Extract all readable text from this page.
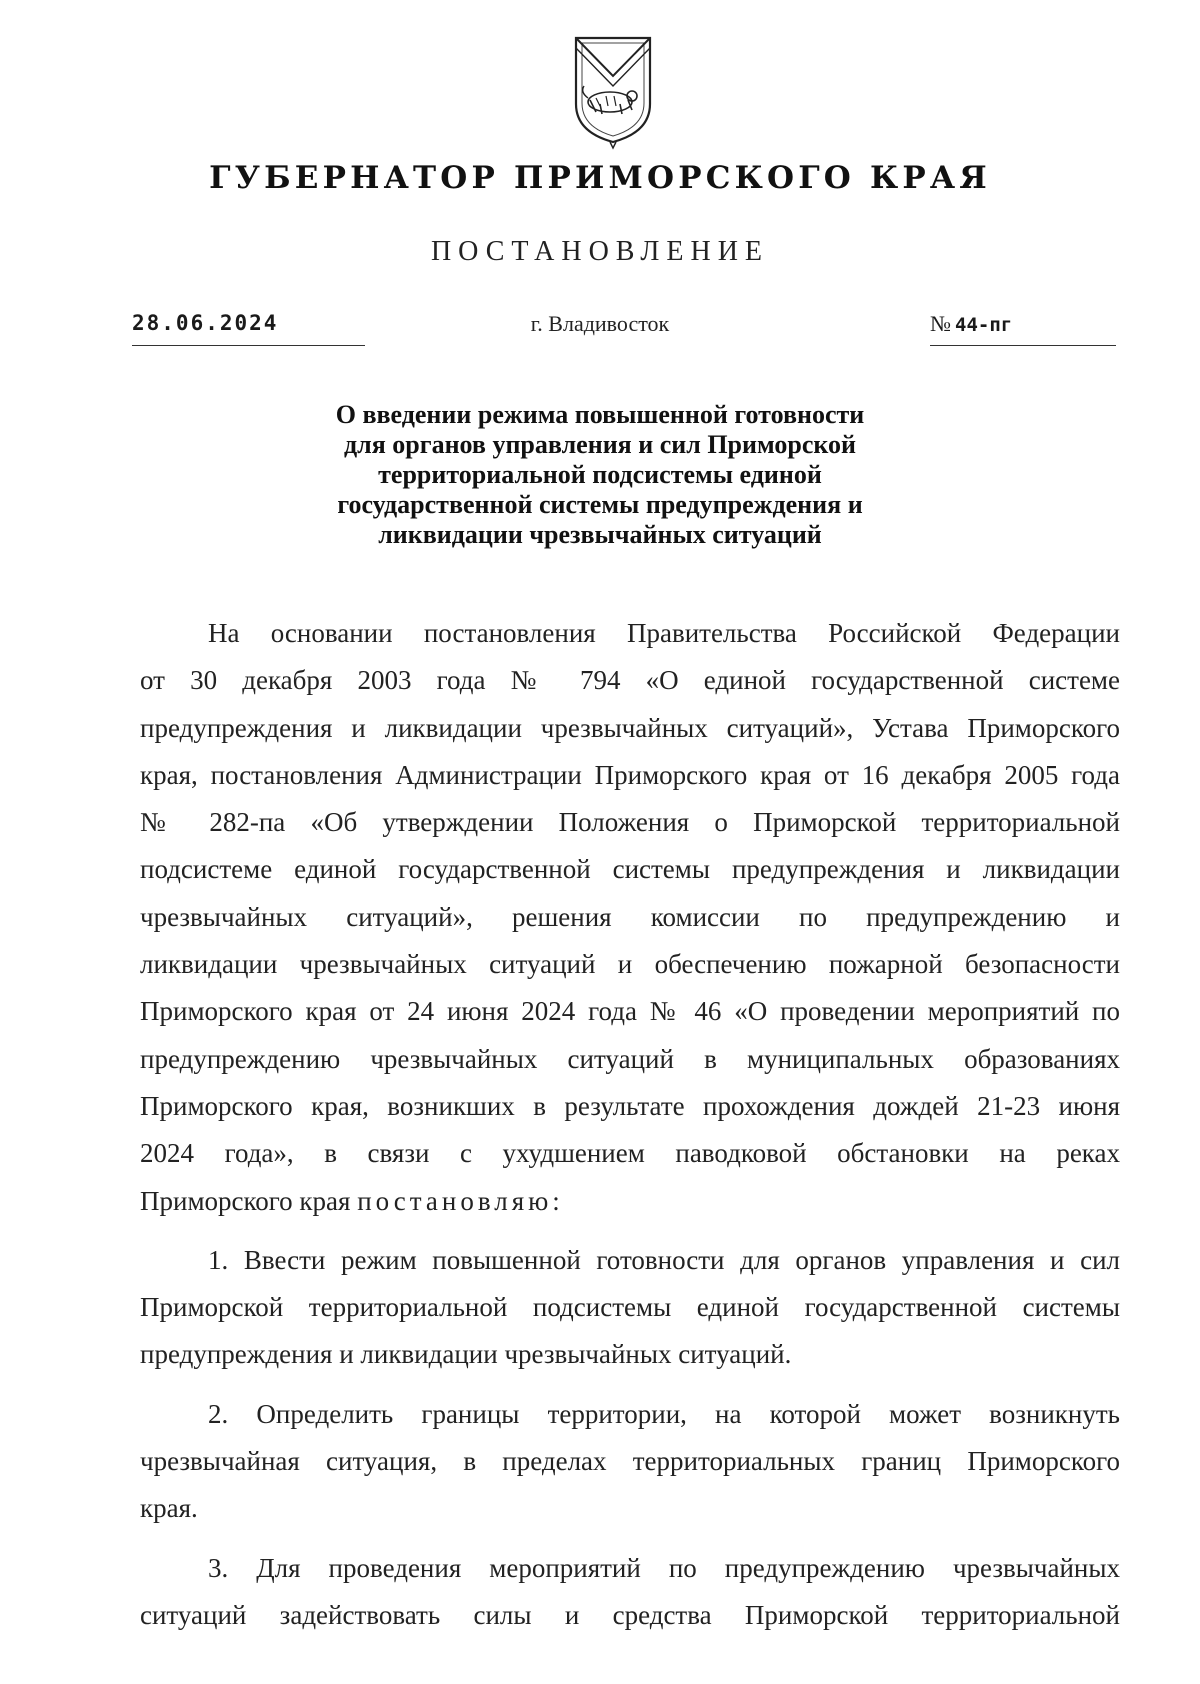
ГУБЕРНАТОР ПРИМОРСКОГО КРАЯ
ПОСТАНОВЛЕНИЕ
г. Владивосток
28.06.2024	№ 44-пг
О введении режима повышенной готовности
для органов управления и сил Приморской
территориальной подсистемы единой
государственной системы предупреждения и
ликвидации чрезвычайных ситуаций
На основании постановления Правительства Российской Федерации
от 30 декабря 2003 года № 794 «О единой государственной системе
предупреждения и ликвидации чрезвычайных ситуаций», Устава Приморского
края, постановления Администрации Приморского края от 16 декабря 2005 года
№ 282-па «Об утверждении Положения о Приморской территориальной
подсистеме единой государственной системы предупреждения и ликвидации
чрезвычайных ситуаций», решения комиссии по предупреждению и
ликвидации чрезвычайных ситуаций и обеспечению пожарной безопасности
Приморского края от 24 июня 2024 года № 46 «О проведении мероприятий по
предупреждению чрезвычайных ситуаций в муниципальных образованиях
Приморского края, возникших в результате прохождения дождей 21-23 июня
2024 года», в связи с ухудшением паводковой обстановки на реках
Приморского края постановляю:
1. Ввести режим повышенной готовности для органов управления и сил
Приморской территориальной подсистемы единой государственной системы
предупреждения и ликвидации чрезвычайных ситуаций.
2. Определить границы территории, на которой может возникнуть
чрезвычайная ситуация, в пределах территориальных границ Приморского
края.
3. Для проведения мероприятий по предупреждению чрезвычайных
ситуаций задействовать силы и средства Приморской территориальной
